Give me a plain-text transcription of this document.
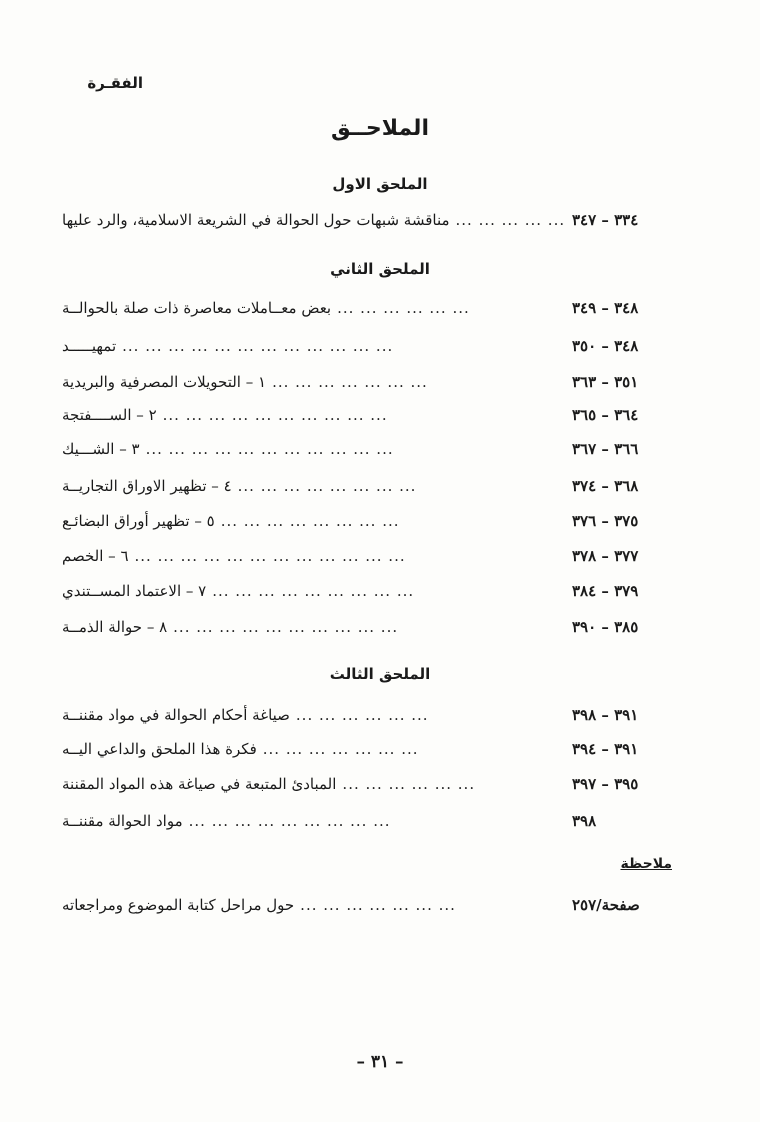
الفقـرة
الملاحــق
الملحق الاول
مناقشة شبهات حول الحوالة في الشريعة الاسلامية، والرد عليها ... ... ... ... ... ٣٣٤ – ٣٤٧
الملحق الثاني
بعض معــاملات معاصرة ذات صلة بالحوالــة ... ... ... ... ... ...	٣٤٨ – ٣٤٩
تمهيـــــد ... ... ... ... ... ... ... ... ... ... ... ...	٣٤٨ – ٣٥٠
١ – التحويلات المصرفية والبريدية ... ... ... ... ... ... ...	٣٥١ – ٣٦٣
٢ – الســــفتجة ... ... ... ... ... ... ... ... ... ...	٣٦٤ – ٣٦٥
٣ – الشـــيك ... ... ... ... ... ... ... ... ... ... ...	٣٦٦ – ٣٦٧
٤ – تظهير الاوراق التجاريــة ... ... ... ... ... ... ... ...	٣٦٨ – ٣٧٤
٥ – تظهير أوراق البضائـع ... ... ... ... ... ... ... ...	٣٧٥ – ٣٧٦
٦ – الخصم ... ... ... ... ... ... ... ... ... ... ... ...	٣٧٧ – ٣٧٨
٧ – الاعتماد المســتندي ... ... ... ... ... ... ... ... ...	٣٧٩ – ٣٨٤
٨ – حوالة الذمــة ... ... ... ... ... ... ... ... ... ...	٣٨٥ – ٣٩٠
الملحق الثالث
صياغة أحكام الحوالة في مواد مقننــة ... ... ... ... ... ...	٣٩١ – ٣٩٨
فكرة هذا الملحق والداعي اليــه ... ... ... ... ... ... ...	٣٩١ – ٣٩٤
المبادئ المتبعة في صياغة هذه المواد المقننة ... ... ... ... ... ...	٣٩٥ – ٣٩٧
مواد الحوالة مقننــة ... ... ... ... ... ... ... ... ...	٣٩٨
ملاحظة
حول مراحل كتابة الموضوع ومراجعاته ... ... ... ... ... ... ...	صفحة/٢٥٧
– ٣١ –
